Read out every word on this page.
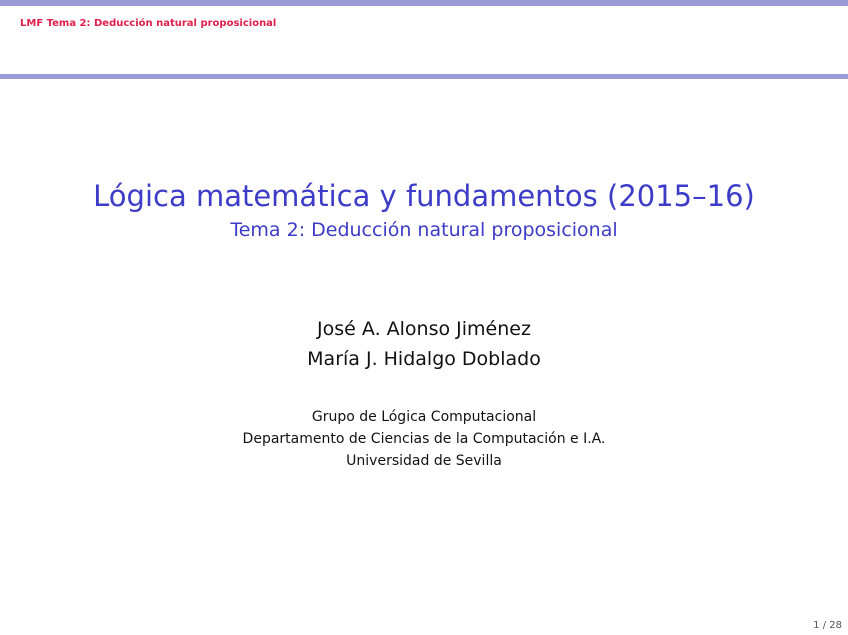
LMF Tema 2: Deducción natural proposicional
Lógica matemática y fundamentos (2015–16)
Tema 2: Deducción natural proposicional
José A. Alonso Jiménez
María J. Hidalgo Doblado
Grupo de Lógica Computacional
Departamento de Ciencias de la Computación e I.A.
Universidad de Sevilla
1 / 28
